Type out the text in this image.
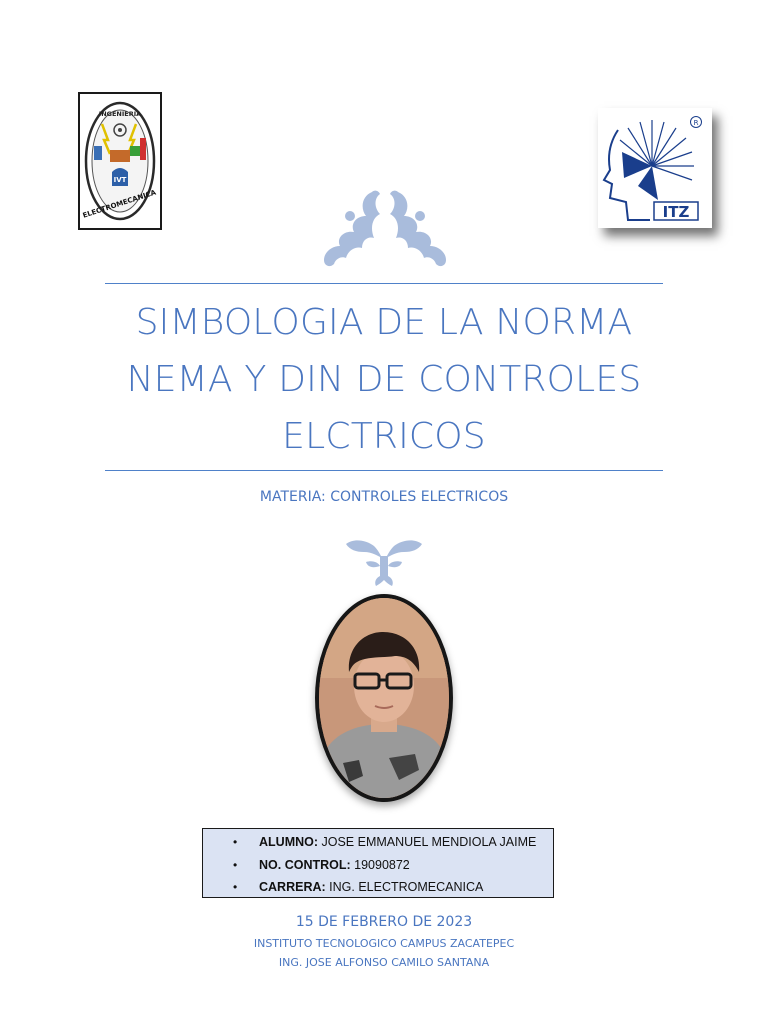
INGENIERIA
IVT
ELECTROMECANICA	ITZ
R
SIMBOLOGIA DE LA NORMA
NEMA Y DIN DE CONTROLES
ELCTRICOS
MATERIA: CONTROLES ELECTRICOS
• ALUMNO: JOSE EMMANUEL MENDIOLA JAIME
• NO. CONTROL: 19090872
• CARRERA: ING. ELECTROMECANICA
15 DE FEBRERO DE 2023
INSTITUTO TECNOLOGICO CAMPUS ZACATEPEC
ING. JOSE ALFONSO CAMILO SANTANA
